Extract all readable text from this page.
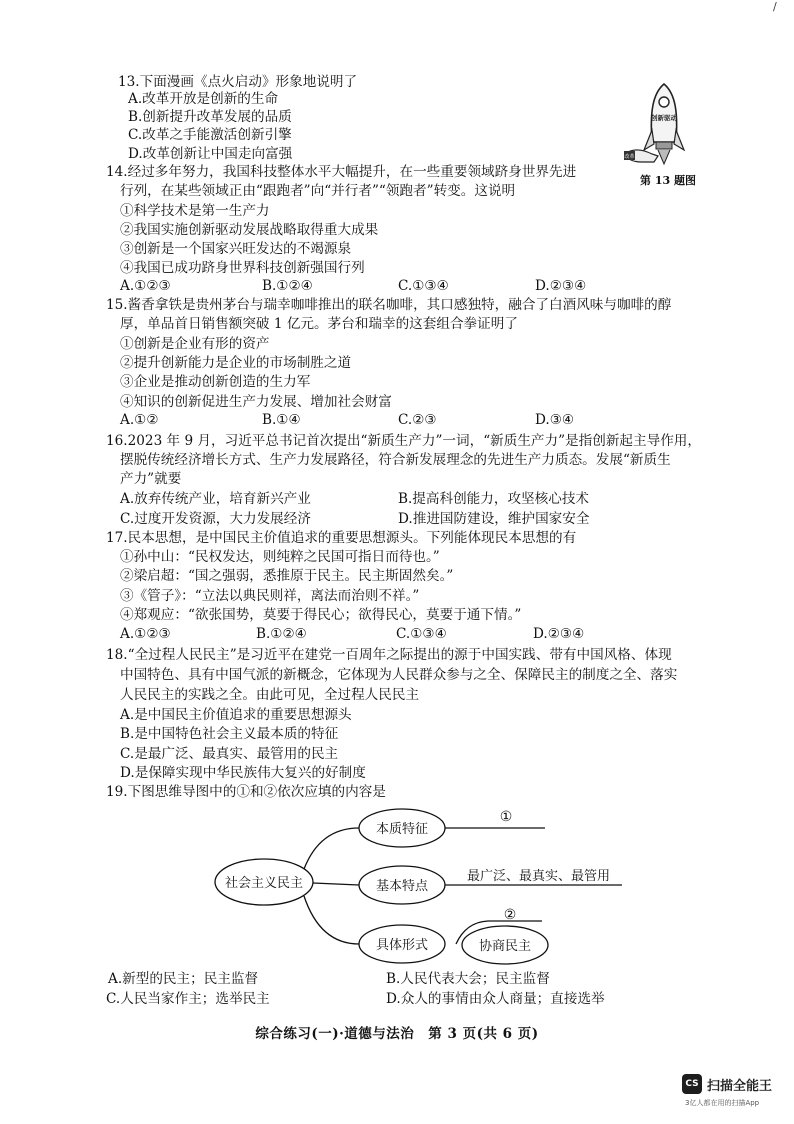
/
13.下面漫画《点火启动》形象地说明了
A.改革开放是创新的生命
B.创新提升改革发展的品质
C.改革之手能激活创新引擎
D.改革创新让中国走向富强
创新驱动
改革
第 13 题图
14.经过多年努力，我国科技整体水平大幅提升，在一些重要领域跻身世界先进
行列，在某些领域正由“跟跑者”向“并行者”“领跑者”转变。这说明
①科学技术是第一生产力
②我国实施创新驱动发展战略取得重大成果
③创新是一个国家兴旺发达的不竭源泉
④我国已成功跻身世界科技创新强国行列
A.①②③	B.①②④	C.①③④	D.②③④
15.酱香拿铁是贵州茅台与瑞幸咖啡推出的联名咖啡，其口感独特，融合了白酒风味与咖啡的醇
厚，单品首日销售额突破 1 亿元。茅台和瑞幸的这套组合拳证明了
①创新是企业有形的资产
②提升创新能力是企业的市场制胜之道
③企业是推动创新创造的生力军
④知识的创新促进生产力发展、增加社会财富
A.①②	B.①④	C.②③	D.③④
16.2023 年 9 月，习近平总书记首次提出“新质生产力”一词，“新质生产力”是指创新起主导作用，
摆脱传统经济增长方式、生产力发展路径，符合新发展理念的先进生产力质态。发展“新质生
产力”就要
A.放弃传统产业，培育新兴产业	B.提高科创能力，攻坚核心技术
C.过度开发资源，大力发展经济	D.推进国防建设，维护国家安全
17.民本思想，是中国民主价值追求的重要思想源头。下列能体现民本思想的有
①孙中山：“民权发达，则纯粹之民国可指日而待也。”
②梁启超：“国之强弱，悉推原于民主。民主斯固然矣。”
③《管子》：“立法以典民则祥，离法而治则不祥。”
④郑观应：“欲张国势，莫要于得民心；欲得民心，莫要于通下情。”
A.①②③	B.①②④	C.①③④	D.②③④
18.“全过程人民民主”是习近平在建党一百周年之际提出的源于中国实践、带有中国风格、体现
中国特色、具有中国气派的新概念，它体现为人民群众参与之全、保障民主的制度之全、落实
人民民主的实践之全。由此可见，全过程人民民主
A.是中国民主价值追求的重要思想源头
B.是中国特色社会主义最本质的特征
C.是最广泛、最真实、最管用的民主
D.是保障实现中华民族伟大复兴的好制度
19.下图思维导图中的①和②依次应填的内容是
社会主义民主
本质特征
基本特点
具体形式
①
最广泛、最真实、最管用
②
协商民主
A.新型的民主；民主监督	B.人民代表大会；民主监督
C.人民当家作主；选举民主	D.众人的事情由众人商量；直接选举
综合练习(一)·道德与法治　第 3 页(共 6 页)
CS 扫描全能王
3亿人都在用的扫描App
